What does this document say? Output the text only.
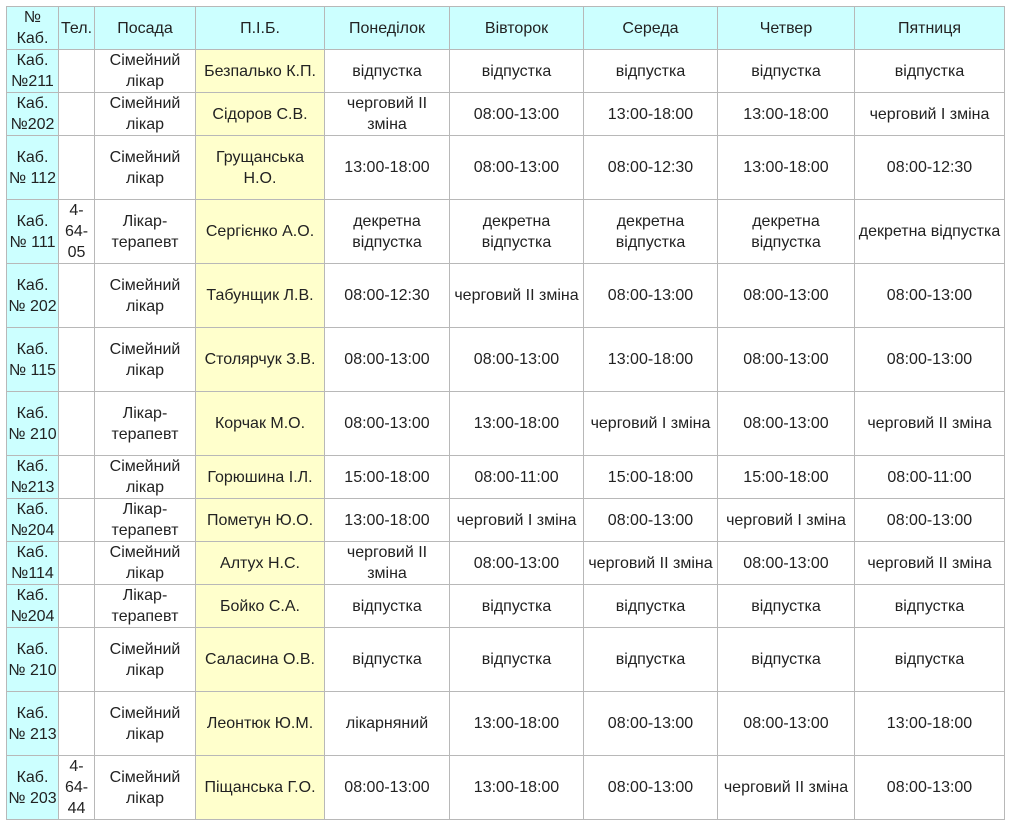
№ Каб.	Тел.	Посада	П.І.Б.	Понеділок	Вівторок	Середа	Четвер	Пятниця
Каб. №211		Сімейний лікар	Безпалько К.П.	відпустка	відпустка	відпустка	відпустка	відпустка
Каб. №202		Сімейний лікар	Сідоров С.В.	черговий II зміна	08:00-13:00	13:00-18:00	13:00-18:00	черговий I зміна
Каб. № 112		Сімейний лікар	Грущанська Н.О.	13:00-18:00	08:00-13:00	08:00-12:30	13:00-18:00	08:00-12:30
Каб. № 111	4-64-05	Лікар-терапевт	Сергієнко А.О.	декретна відпустка	декретна відпустка	декретна відпустка	декретна відпустка	декретна відпустка
Каб. № 202		Сімейний лікар	Табунщик Л.В.	08:00-12:30	черговий II зміна	08:00-13:00	08:00-13:00	08:00-13:00
Каб. № 115		Сімейний лікар	Столярчук З.В.	08:00-13:00	08:00-13:00	13:00-18:00	08:00-13:00	08:00-13:00
Каб. № 210		Лікар-терапевт	Корчак М.О.	08:00-13:00	13:00-18:00	черговий I зміна	08:00-13:00	черговий II зміна
Каб. №213		Сімейний лікар	Горюшина І.Л.	15:00-18:00	08:00-11:00	15:00-18:00	15:00-18:00	08:00-11:00
Каб. №204		Лікар-терапевт	Пометун Ю.О.	13:00-18:00	черговий I зміна	08:00-13:00	черговий I зміна	08:00-13:00
Каб. №114		Сімейний лікар	Алтух Н.С.	черговий II зміна	08:00-13:00	черговий II зміна	08:00-13:00	черговий II зміна
Каб. №204		Лікар-терапевт	Бойко С.А.	відпустка	відпустка	відпустка	відпустка	відпустка
Каб. № 210		Сімейний лікар	Саласина О.В.	відпустка	відпустка	відпустка	відпустка	відпустка
Каб. № 213		Сімейний лікар	Леонтюк Ю.М.	лікарняний	13:00-18:00	08:00-13:00	08:00-13:00	13:00-18:00
Каб. № 203	4-64-44	Сімейний лікар	Піщанська Г.О.	08:00-13:00	13:00-18:00	08:00-13:00	черговий II зміна	08:00-13:00
